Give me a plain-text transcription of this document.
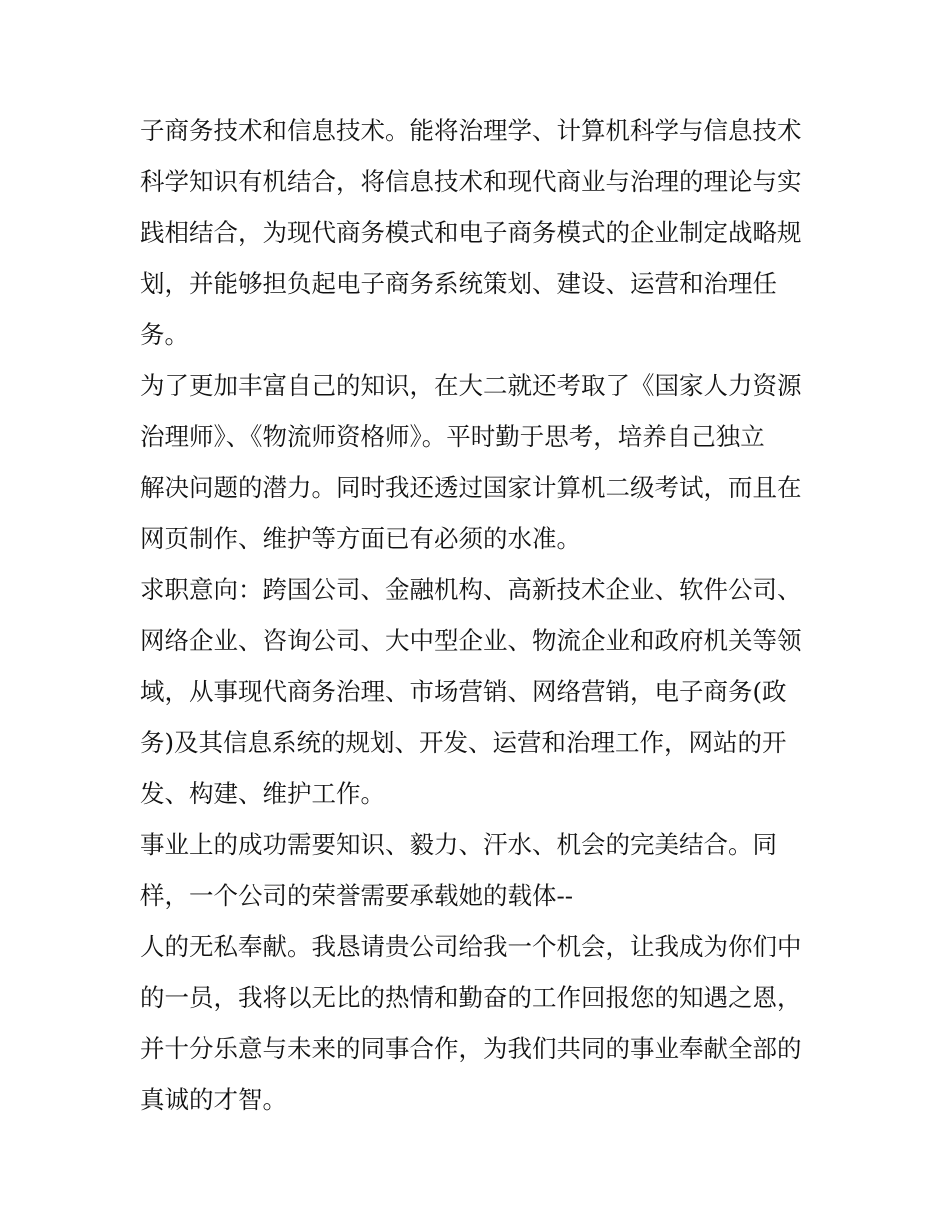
子商务技术和信息技术。能将治理学、计算机科学与信息技术
科学知识有机结合，将信息技术和现代商业与治理的理论与实
践相结合，为现代商务模式和电子商务模式的企业制定战略规
划，并能够担负起电子商务系统策划、建设、运营和治理任
务。
为了更加丰富自己的知识，在大二就还考取了《国家人力资源
治理师》、《物流师资格师》。平时勤于思考，培养自己独立
解决问题的潜力。同时我还透过国家计算机二级考试，而且在
网页制作、维护等方面已有必须的水准。
求职意向：跨国公司、金融机构、高新技术企业、软件公司、
网络企业、咨询公司、大中型企业、物流企业和政府机关等领
域，从事现代商务治理、市场营销、网络营销，电子商务(政
务)及其信息系统的规划、开发、运营和治理工作，网站的开
发、构建、维护工作。
事业上的成功需要知识、毅力、汗水、机会的完美结合。同
样，一个公司的荣誉需要承载她的载体--
人的无私奉献。我恳请贵公司给我一个机会，让我成为你们中
的一员，我将以无比的热情和勤奋的工作回报您的知遇之恩，
并十分乐意与未来的同事合作，为我们共同的事业奉献全部的
真诚的才智。
